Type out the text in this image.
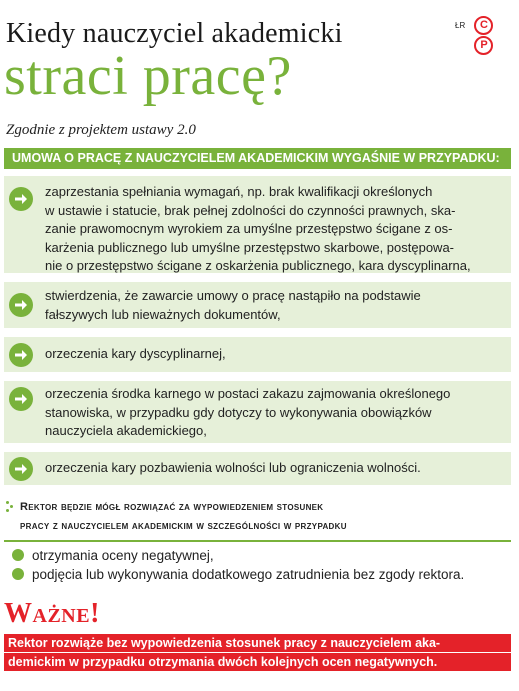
Kiedy nauczyciel akademicki
straci pracę?
ŁR	CP
Zgodnie z projektem ustawy 2.0
UMOWA O PRACĘ Z NAUCZYCIELEM AKADEMICKIM WYGAŚNIE W PRZYPADKU:
zaprzestania spełniania wymagań, np. brak kwalifikacji określonych
w ustawie i statucie, brak pełnej zdolności do czynności prawnych, ska-
zanie prawomocnym wyrokiem za umyślne przestępstwo ścigane z os-
karżenia publicznego lub umyślne przestępstwo skarbowe, postępowa-
nie o przestępstwo ścigane z oskarżenia publicznego, kara dyscyplinarna,
stwierdzenia, że zawarcie umowy o pracę nastąpiło na podstawie
fałszywych lub nieważnych dokumentów,
orzeczenia kary dyscyplinarnej,
orzeczenia środka karnego w postaci zakazu zajmowania określonego
stanowiska, w przypadku gdy dotyczy to wykonywania obowiązków
nauczyciela akademickiego,
orzeczenia kary pozbawienia wolności lub ograniczenia wolności.
Rektor będzie mógł rozwiązać za wypowiedzeniem stosunek
pracy z nauczycielem akademickim w szczególności w przypadku
otrzymania oceny negatywnej,
podjęcia lub wykonywania dodatkowego zatrudnienia bez zgody rektora.
Ważne!
Rektor rozwiąże bez wypowiedzenia stosunek pracy z nauczycielem aka-
demickim w przypadku otrzymania dwóch kolejnych ocen negatywnych.
